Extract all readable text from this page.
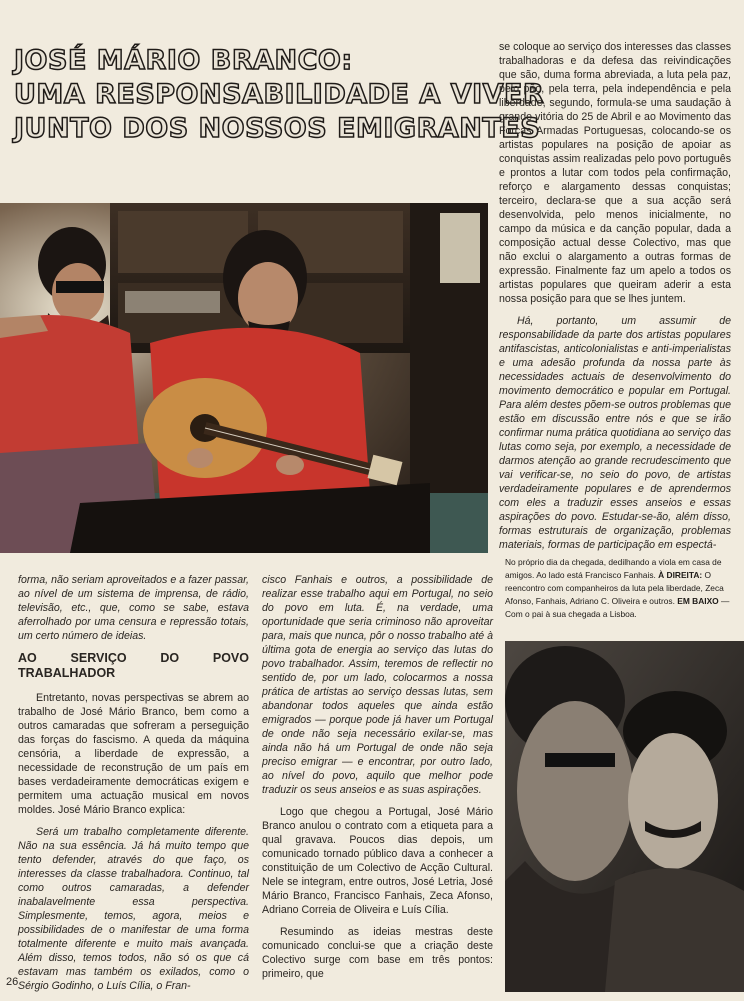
JOSÉ MÁRIO BRANCO:
UMA RESPONSABILIDADE A VIVER
JUNTO DOS NOSSOS EMIGRANTES

se coloque ao serviço dos interesses das classes trabalhadoras e da defesa das reivindicações que são, duma forma abreviada, a luta pela paz, pelo pão, pela terra, pela independência e pela liberdade, segundo, formula-se uma saudação à grande vitória do 25 de Abril e ao Movimento das Forças Armadas Portuguesas, colocando-se os artistas populares na posição de apoiar as conquistas assim realizadas pelo povo português e prontos a lutar com todos pela confirmação, reforço e alargamento dessas conquistas; terceiro, declara-se que a sua acção será desenvolvida, pelo menos inicialmente, no campo da música e da canção popular, dada a composição actual desse Colectivo, mas que não exclui o alargamento a outras formas de expressão. Finalmente faz um apelo a todos os artistas populares que queiram aderir a esta nossa posição para que se lhes juntem.

Há, portanto, um assumir de responsabilidade da parte dos artistas populares antifascistas, anticolonialistas e anti-imperialistas e uma adesão profunda da nossa parte às necessidades actuais de desenvolvimento do movimento democrático e popular em Portugal. Para além destes põem-se outros problemas que estão em discussão entre nós e que se irão confirmar numa prática quotidiana ao serviço das lutas como seja, por exemplo, a necessidade de darmos atenção ao grande recrudescimento que vai verificar-se, no seio do povo, de artistas verdadeiramente populares e de aprendermos com eles a traduzir esses anseios e essas aspirações do povo. Estudar-se-ão, além disso, formas estruturais de organização, problemas materiais, formas de participação em espectá-

No próprio dia da chegada, dedilhando a viola em casa de amigos. Ao lado está Francisco Fanhais. À DIREITA: O reencontro com companheiros da luta pela liberdade, Zeca Afonso, Fanhais, Adriano C. Oliveira e outros. EM BAIXO — Com o pai à sua chegada a Lisboa.

forma, não seriam aproveitados e a fazer passar, ao nível de um sistema de imprensa, de rádio, televisão, etc., que, como se sabe, estava aferrolhado por uma censura e repressão totais, um certo número de ideias.

AO SERVIÇO DO POVO TRABALHADOR

Entretanto, novas perspectivas se abrem ao trabalho de José Mário Branco, bem como a outros camaradas que sofreram a perseguição das forças do fascismo. A queda da máquina censória, a liberdade de expressão, a necessidade de reconstrução de um país em bases verdadeiramente democráticas exigem e permitem uma actuação musical em novos moldes. José Mário Branco explica:

Será um trabalho completamente diferente. Não na sua essência. Já há muito tempo que tento defender, através do que faço, os interesses da classe trabalhadora. Continuo, tal como outros camaradas, a defender inabalavelmente essa perspectiva. Simplesmente, temos, agora, meios e possibilidades de o manifestar de uma forma totalmente diferente e muito mais avançada. Além disso, temos todos, não só os que cá estavam mas também os exilados, como o Sérgio Godinho, o Luís Cília, o Fran-

cisco Fanhais e outros, a possibilidade de realizar esse trabalho aqui em Portugal, no seio do povo em luta. É, na verdade, uma oportunidade que seria criminoso não aproveitar para, mais que nunca, pôr o nosso trabalho até à última gota de energia ao serviço das lutas do povo trabalhador. Assim, teremos de reflectir no sentido de, por um lado, colocarmos a nossa prática de artistas ao serviço dessas lutas, sem abandonar todos aqueles que ainda estão emigrados — porque pode já haver um Portugal de onde não seja necessário exilar-se, mas ainda não há um Portugal de onde não seja preciso emigrar — e encontrar, por outro lado, ao nível do povo, aquilo que melhor pode traduzir os seus anseios e as suas aspirações.

Logo que chegou a Portugal, José Mário Branco anulou o contrato com a etiqueta para a qual gravava. Poucos dias depois, um comunicado tornado público dava a conhecer a constituição de um Colectivo de Acção Cultural. Nele se integram, entre outros, José Letria, José Mário Branco, Francisco Fanhais, Zeca Afonso, Adriano Correia de Oliveira e Luís Cília.

Resumindo as ideias mestras deste comunicado conclui-se que a criação deste Colectivo surge com base em três pontos: primeiro, que

26
